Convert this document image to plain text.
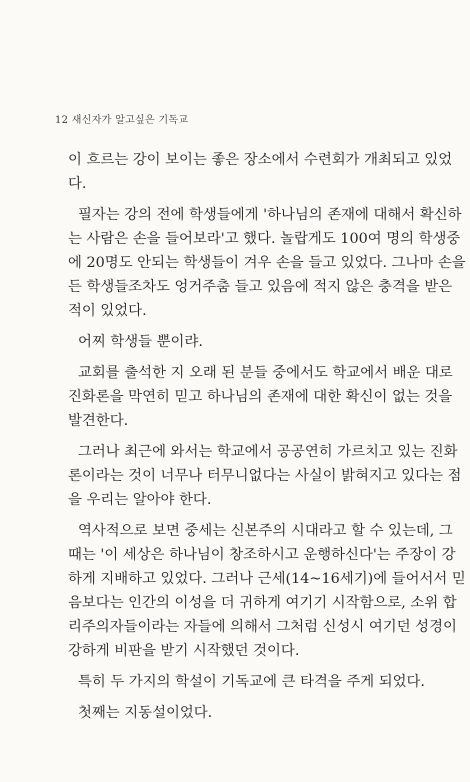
12 새신자가 알고싶은 기독교
이 흐르는 강이 보이는 좋은 장소에서 수련회가 개최되고 있었
다.
필자는 강의 전에 학생들에게 '하나님의 존재에 대해서 확신하
는 사람은 손을 들어보라'고 했다. 놀랍게도 100여 명의 학생중
에 20명도 안되는 학생들이 겨우 손을 들고 있었다. 그나마 손을
든 학생들조차도 엉거주춤 들고 있음에 적지 않은 충격을 받은
적이 있었다.
어찌 학생들 뿐이랴.
교회를 출석한 지 오래 된 분들 중에서도 학교에서 배운 대로
진화론을 막연히 믿고 하나님의 존재에 대한 확신이 없는 것을
발견한다.
그러나 최근에 와서는 학교에서 공공연히 가르치고 있는 진화
론이라는 것이 너무나 터무니없다는 사실이 밝혀지고 있다는 점
을 우리는 알아야 한다.
역사적으로 보면 중세는 신본주의 시대라고 할 수 있는데, 그
때는 '이 세상은 하나님이 창조하시고 운행하신다'는 주장이 강
하게 지배하고 있었다. 그러나 근세(14~16세기)에 들어서서 믿
음보다는 인간의 이성을 더 귀하게 여기기 시작함으로, 소위 합
리주의자들이라는 자들에 의해서 그처럼 신성시 여기던 성경이
강하게 비판을 받기 시작했던 것이다.
특히 두 가지의 학설이 기독교에 큰 타격을 주게 되었다.
첫째는 지동설이었다.
